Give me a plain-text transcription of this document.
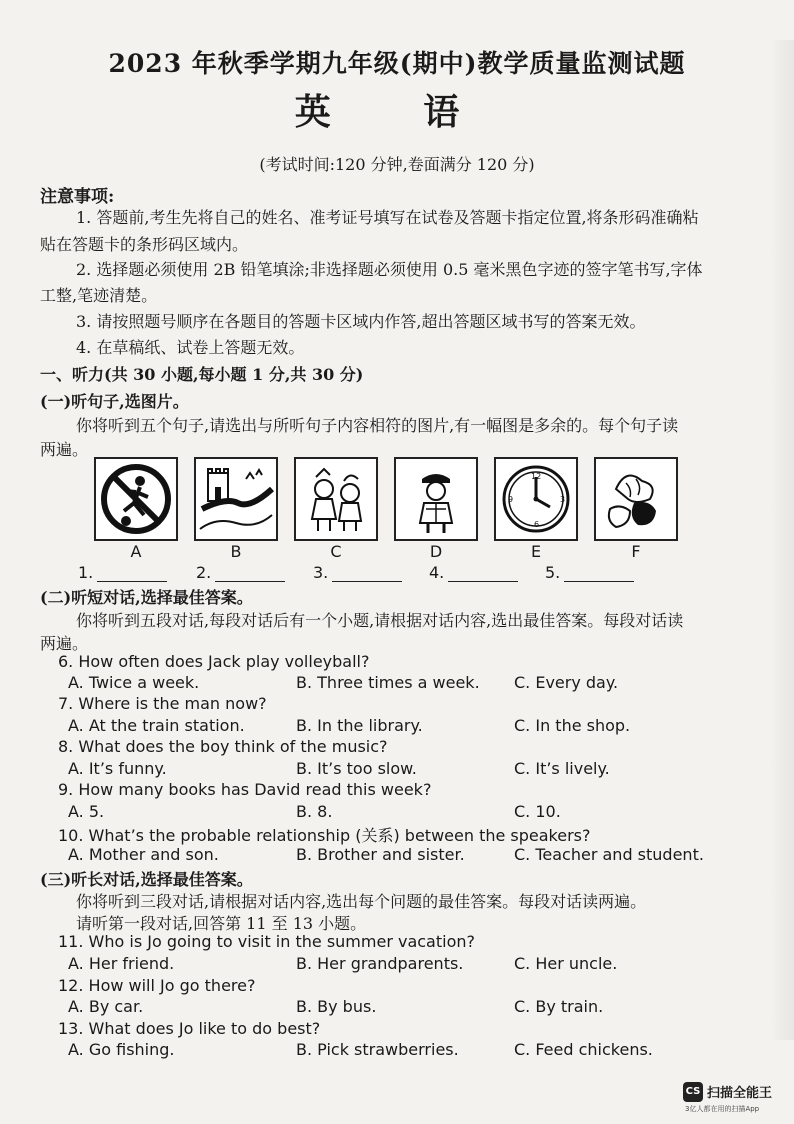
2023 年秋季学期九年级(期中)教学质量监测试题
英 语
(考试时间:120 分钟,卷面满分 120 分)
注意事项:
1. 答题前,考生先将自己的姓名、准考证号填写在试卷及答题卡指定位置,将条形码准确粘
贴在答题卡的条形码区域内。
2. 选择题必须使用 2B 铅笔填涂;非选择题必须使用 0.5 毫米黑色字迹的签字笔书写,字体
工整,笔迹清楚。
3. 请按照题号顺序在各题目的答题卡区域内作答,超出答题区域书写的答案无效。
4. 在草稿纸、试卷上答题无效。
一、听力(共 30 小题,每小题 1 分,共 30 分)
(一)听句子,选图片。
你将听到五个句子,请选出与所听句子内容相符的图片,有一幅图是多余的。每个句子读
两遍。
12
3
6
9
A	B	C	D	E	F
1.	2.	3.	4.	5.
(二)听短对话,选择最佳答案。
你将听到五段对话,每段对话后有一个小题,请根据对话内容,选出最佳答案。每段对话读
两遍。
6. How often does Jack play volleyball?
A. Twice a week.	B. Three times a week. C. Every day.
7. Where is the man now?
A. At the train station.	B. In the library.	C. In the shop.
8. What does the boy think of the music?
A. It’s funny.	B. It’s too slow.	C. It’s lively.
9. How many books has David read this week?
A. 5.	B. 8.	C. 10.
10. What’s the probable relationship (关系) between the speakers?
A. Mother and son.	B. Brother and sister.	C. Teacher and student.
(三)听长对话,选择最佳答案。
你将听到三段对话,请根据对话内容,选出每个问题的最佳答案。每段对话读两遍。
请听第一段对话,回答第 11 至 13 小题。
11. Who is Jo going to visit in the summer vacation?
A. Her friend.	B. Her grandparents.	C. Her uncle.
12. How will Jo go there?
A. By car.	B. By bus.	C. By train.
13. What does Jo like to do best?
A. Go fishing.	B. Pick strawberries.	C. Feed chickens.
CS 扫描全能王
3亿人都在用的扫描App
